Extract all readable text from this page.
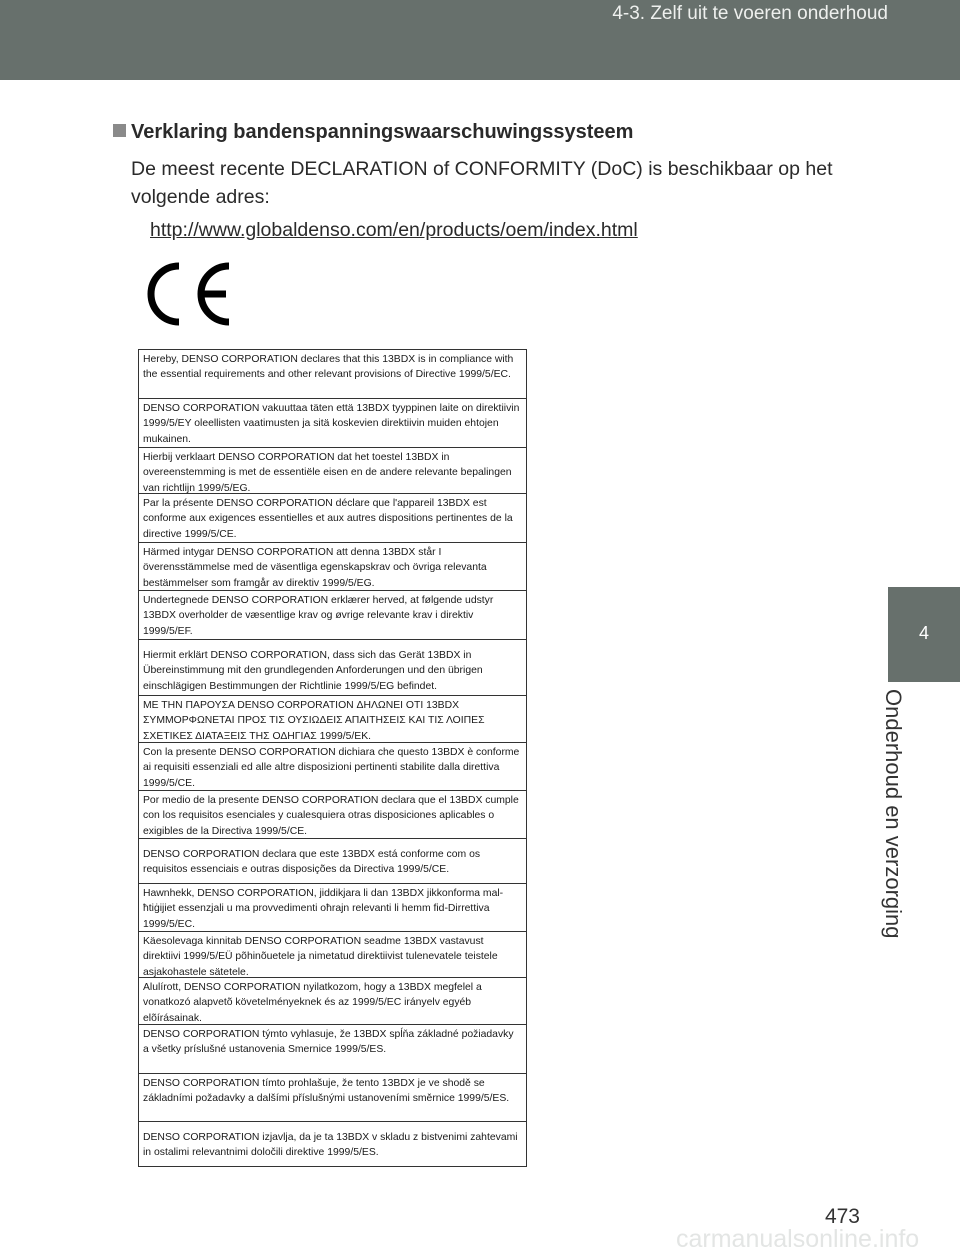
4-3. Zelf uit te voeren onderhoud
4
Onderhoud en verzorging
Verklaring bandenspanningswaarschuwingssysteem
De meest recente DECLARATION of CONFORMITY (DoC) is beschikbaar op het volgende adres:
http://www.globaldenso.com/en/products/oem/index.html
Hereby, DENSO CORPORATION declares that this 13BDX is in compliance with the essential requirements and other relevant provisions of Directive 1999/5/EC.
DENSO CORPORATION vakuuttaa täten että 13BDX tyyppinen laite on direktiivin 1999/5/EY oleellisten vaatimusten ja sitä koskevien direktiivin muiden ehtojen mukainen.
Hierbij verklaart DENSO CORPORATION dat het toestel 13BDX in overeenstemming is met de essentiële eisen en de andere relevante bepalingen van richtlijn 1999/5/EG.
Par la présente DENSO CORPORATION déclare que l'appareil 13BDX est conforme aux exigences essentielles et aux autres dispositions pertinentes de la directive 1999/5/CE.
Härmed intygar DENSO CORPORATION att denna 13BDX står I överensstämmelse med de väsentliga egenskapskrav och övriga relevanta bestämmelser som framgår av direktiv 1999/5/EG.
Undertegnede DENSO CORPORATION erklærer herved, at følgende udstyr 13BDX overholder de væsentlige krav og øvrige relevante krav i direktiv 1999/5/EF.
Hiermit erklärt DENSO CORPORATION, dass sich das Gerät 13BDX in Übereinstimmung mit den grundlegenden Anforderungen und den übrigen einschlägigen Bestimmungen der Richtlinie 1999/5/EG befindet.
ΜΕ ΤΗΝ ΠΑΡΟΥΣΑ DENSO CORPORATION ΔΗΛΩΝΕΙ ΟΤΙ 13BDX ΣΥΜΜΟΡΦΩΝΕΤΑΙ ΠΡΟΣ ΤΙΣ ΟΥΣΙΩΔΕΙΣ ΑΠΑΙΤΗΣΕΙΣ ΚΑΙ ΤΙΣ ΛΟΙΠΕΣ ΣΧΕΤΙΚΕΣ ΔΙΑΤΑΞΕΙΣ ΤΗΣ ΟΔΗΓΙΑΣ 1999/5/ΕΚ.
Con la presente DENSO CORPORATION dichiara che questo 13BDX è conforme ai requisiti essenziali ed alle altre disposizioni pertinenti stabilite dalla direttiva 1999/5/CE.
Por medio de la presente DENSO CORPORATION declara que el 13BDX cumple con los requisitos esenciales y cualesquiera otras disposiciones aplicables o exigibles de la Directiva 1999/5/CE.
DENSO CORPORATION declara que este 13BDX está conforme com os requisitos essenciais e outras disposições da Directiva 1999/5/CE.
Hawnhekk, DENSO CORPORATION, jiddikjara li dan 13BDX jikkonforma mal-ħtiġijiet essenzjali u ma provvedimenti oħrajn relevanti li hemm fid-Dirrettiva 1999/5/EC.
Käesolevaga kinnitab DENSO CORPORATION seadme 13BDX vastavust direktiivi 1999/5/EÜ põhinõuetele ja nimetatud direktiivist tulenevatele teistele asjakohastele sätetele.
Alulírott, DENSO CORPORATION nyilatkozom, hogy a 13BDX megfelel a vonatkozó alapvetõ követelményeknek és az 1999/5/EC irányelv egyéb elõírásainak.
DENSO CORPORATION týmto vyhlasuje, že 13BDX spĺňa základné požiadavky a všetky príslušné ustanovenia Smernice 1999/5/ES.
DENSO CORPORATION tímto prohlašuje, že tento 13BDX je ve shodě se základními požadavky a dalšími příslušnými ustanoveními směrnice 1999/5/ES.
DENSO CORPORATION izjavlja, da je ta 13BDX v skladu z bistvenimi zahtevami in ostalimi relevantnimi določili direktive 1999/5/ES.
473
carmanualsonline.info
